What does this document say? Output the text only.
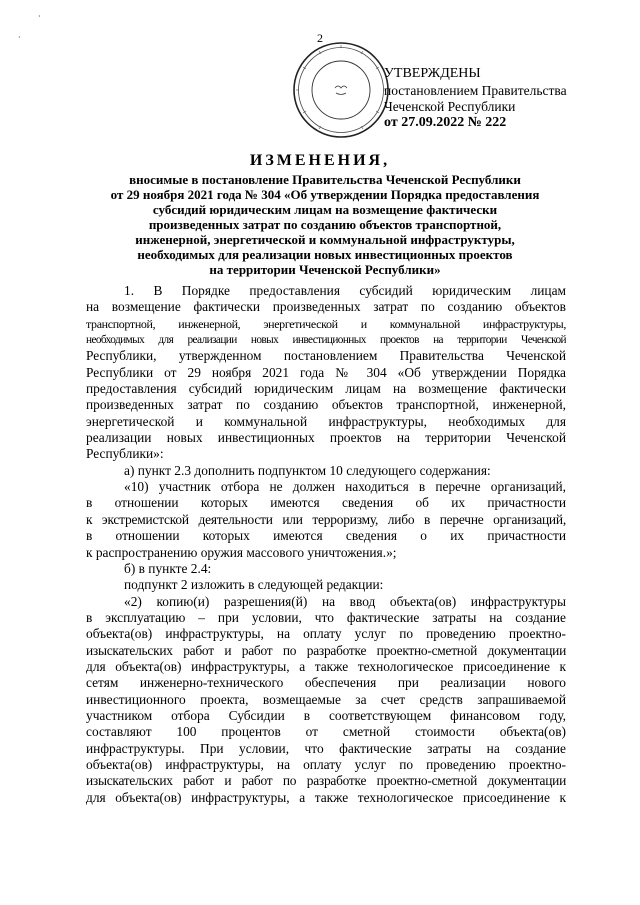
·
·	2
УТВЕРЖДЕНЫ
постановлением Правительства
Чеченской Республики
от 27.09.2022 № 222
ИЗМЕНЕНИЯ,
вносимые в постановление Правительства Чеченской Республики
от 29 ноября 2021 года № 304 «Об утверждении Порядка предоставления
субсидий юридическим лицам на возмещение фактически
произведенных затрат по созданию объектов транспортной,
инженерной, энергетической и коммунальной инфраструктуры,
необходимых для реализации новых инвестиционных проектов
на территории Чеченской Республики»
1. В Порядке предоставления субсидий юридическим лицам
на возмещение фактически произведенных затрат по созданию объектов
транспортной, инженерной, энергетической и коммунальной инфраструктуры,
необходимых для реализации новых инвестиционных проектов на территории Чеченской
Республики, утвержденном постановлением Правительства Чеченской
Республики от 29 ноября 2021 года № 304 «Об утверждении Порядка
предоставления субсидий юридическим лицам на возмещение фактически
произведенных затрат по созданию объектов транспортной, инженерной,
энергетической и коммунальной инфраструктуры, необходимых для
реализации новых инвестиционных проектов на территории Чеченской
Республики»:
а) пункт 2.3 дополнить подпунктом 10 следующего содержания:
«10) участник отбора не должен находиться в перечне организаций,
в отношении которых имеются сведения об их причастности
к экстремистской деятельности или терроризму, либо в перечне организаций,
в отношении которых имеются сведения о их причастности
к распространению оружия массового уничтожения.»;
б) в пункте 2.4:
подпункт 2 изложить в следующей редакции:
«2) копию(и) разрешения(й) на ввод объекта(ов) инфраструктуры
в эксплуатацию – при условии, что фактические затраты на создание
объекта(ов) инфраструктуры, на оплату услуг по проведению проектно-
изыскательских работ и работ по разработке проектно-сметной документации
для объекта(ов) инфраструктуры, а также технологическое присоединение к
сетям инженерно-технического обеспечения при реализации нового
инвестиционного проекта, возмещаемые за счет средств запрашиваемой
участником отбора Субсидии в соответствующем финансовом году,
составляют 100 процентов от сметной стоимости объекта(ов)
инфраструктуры. При условии, что фактические затраты на создание
объекта(ов) инфраструктуры, на оплату услуг по проведению проектно-
изыскательских работ и работ по разработке проектно-сметной документации
для объекта(ов) инфраструктуры, а также технологическое присоединение к
